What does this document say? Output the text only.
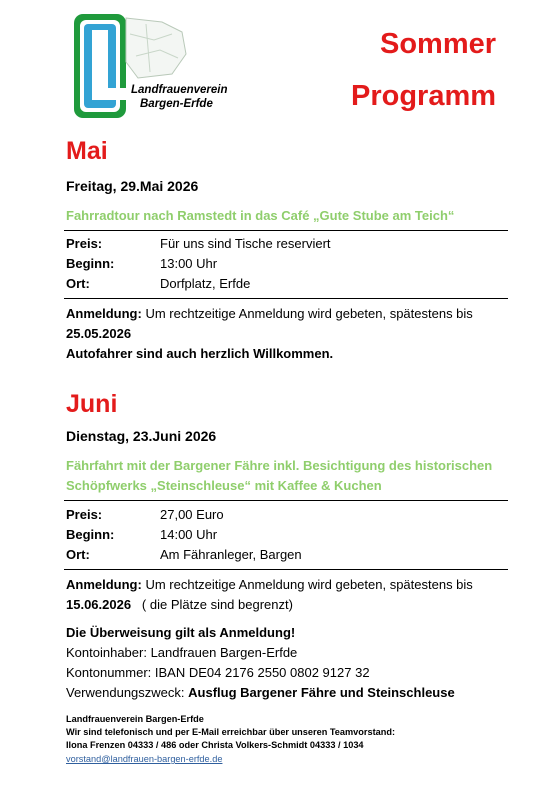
Landfrauenverein
Bargen-Erfde
Sommer
Programm
Mai
Freitag, 29.Mai 2026
Fahrradtour nach Ramstedt in das Café „Gute Stube am Teich“
Preis:	Für uns sind Tische reserviert
Beginn:	13:00 Uhr
Ort:	Dorfplatz, Erfde
Anmeldung: Um rechtzeitige Anmeldung wird gebeten, spätestens bis 25.05.2026
Autofahrer sind auch herzlich Willkommen.
Juni
Dienstag, 23.Juni 2026
Fährfahrt mit der Bargener Fähre inkl. Besichtigung des historischen
Schöpfwerks „Steinschleuse“ mit Kaffee & Kuchen
Preis:	27,00 Euro
Beginn:	14:00 Uhr
Ort:	Am Fähranleger, Bargen
Anmeldung: Um rechtzeitige Anmeldung wird gebeten, spätestens bis 15.06.2026 ( die Plätze sind begrenzt)
Die Überweisung gilt als Anmeldung!
Kontoinhaber: Landfrauen Bargen-Erfde
Kontonummer: IBAN DE04 2176 2550 0802 9127 32
Verwendungszweck: Ausflug Bargener Fähre und Steinschleuse
Landfrauenverein Bargen-Erfde
Wir sind telefonisch und per E-Mail erreichbar über unseren Teamvorstand:
Ilona Frenzen 04333 / 486 oder Christa Volkers-Schmidt 04333 / 1034
vorstand@landfrauen-bargen-erfde.de
